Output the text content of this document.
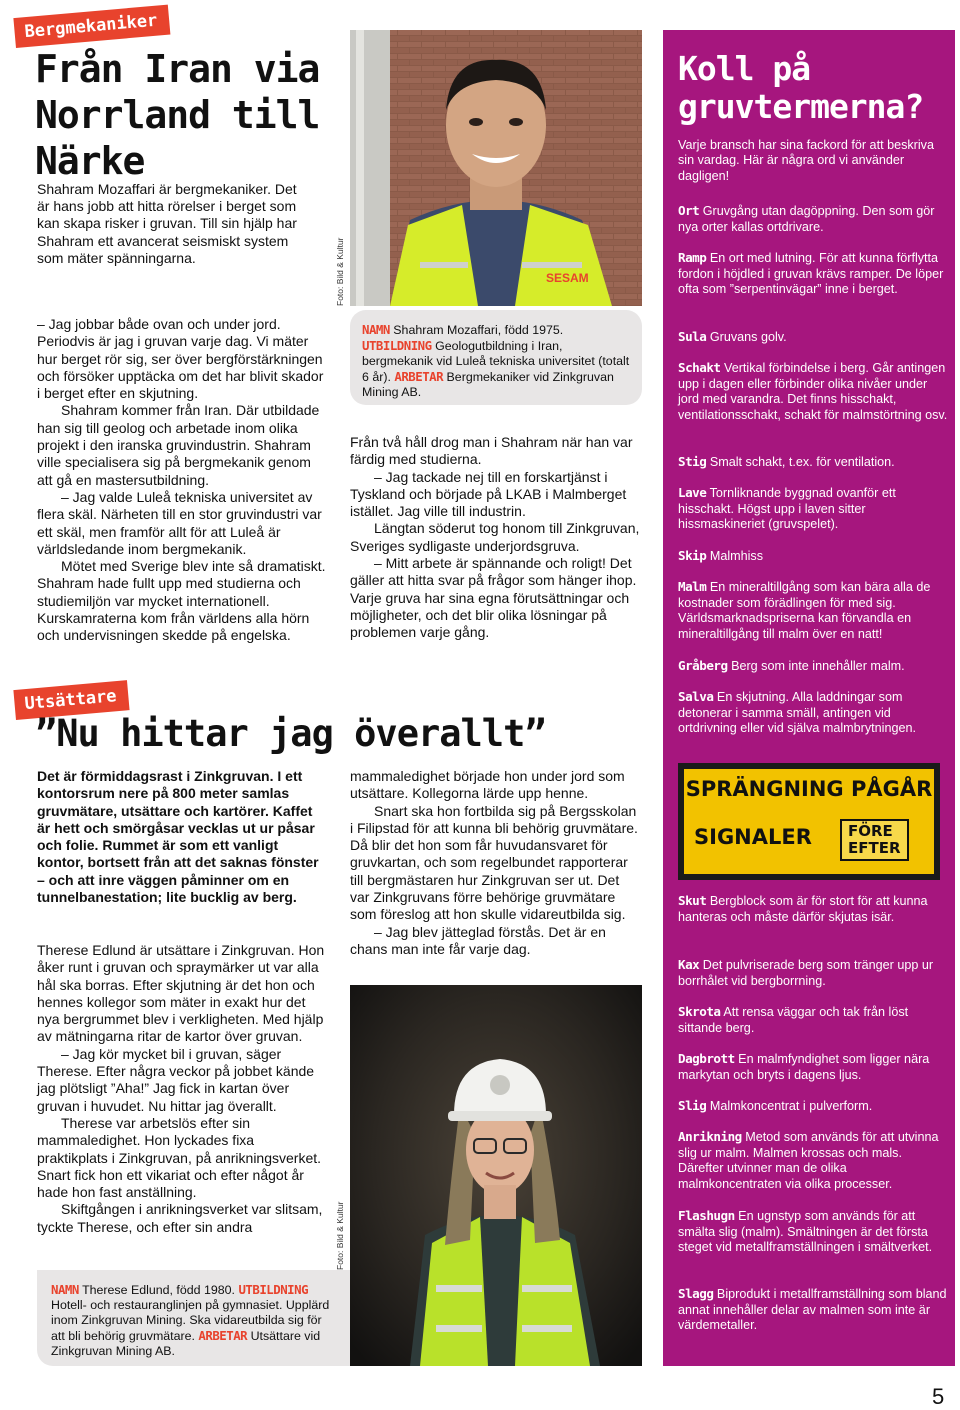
Bergmekaniker
Från Iran via
Norrland till
Närke
Shahram Mozaffari är bergmekaniker. Det är hans jobb att hitta rörelser i berget som kan skapa risker i gruvan. Till sin hjälp har Shahram ett avancerat seismiskt system som mäter spänningarna.

– Jag jobbar både ovan och under jord. Periodvis är jag i gruvan varje dag. Vi mäter hur berget rör sig, ser över bergförstärkningen och försöker upptäcka om det har blivit skador i berget efter en skjutning.

Shahram kommer från Iran. Där utbildade han sig till geolog och arbetade inom olika projekt i den iranska gruvindustrin. Shahram ville specialisera sig på bergmekanik genom att gå en mastersutbildning.

– Jag valde Luleå tekniska universitet av flera skäl. Närheten till en stor gruvindustri var ett skäl, men framför allt för att Luleå är världsledande inom bergmekanik.

Mötet med Sverige blev inte så dramatiskt. Shahram hade fullt upp med studierna och studiemiljön var mycket internationell. Kurskamraterna kom från världens alla hörn och undervisningen skedde på engelska.

Foto: Bild & Kultur	SESAM
NAMN Shahram Mozaffari, född 1975. UTBILDNING Geologutbildning i Iran, bergmekanik vid Luleå tekniska universitet (totalt 6 år). ARBETAR Bergmekaniker vid Zinkgruvan Mining AB.

Från två håll drog man i Shahram när han var färdig med studierna.

– Jag tackade nej till en forskartjänst i Tyskland och började på LKAB i Malmberget istället. Jag ville till industrin.

Längtan söderut tog honom till Zinkgruvan, Sveriges sydligaste underjordsgruva.

– Mitt arbete är spännande och roligt! Det gäller att hitta svar på frågor som hänger ihop. Varje gruva har sina egna förutsättningar och möjligheter, och det blir olika lösningar på problemen varje gång.

Utsättare
”Nu hittar jag överallt”
Det är förmiddagsrast i Zinkgruvan. I ett kontorsrum nere på 800 meter samlas gruvmätare, utsättare och kartörer. Kaffet är hett och smörgåsar vecklas ut ur påsar och folie. Rummet är som ett vanligt kontor, bortsett från att det saknas fönster – och att inre väggen påminner om en tunnelbanestation; lite bucklig av berg.

Therese Edlund är utsättare i Zinkgruvan. Hon åker runt i gruvan och spraymärker ut var alla hål ska borras. Efter skjutning är det hon och hennes kollegor som mäter in exakt hur det nya bergrummet blev i verkligheten. Med hjälp av mätningarna ritar de kartor över gruvan.

– Jag kör mycket bil i gruvan, säger Therese. Efter några veckor på jobbet kände jag plötsligt ”Aha!” Jag fick in kartan över gruvan i huvudet. Nu hittar jag överallt.

Therese var arbetslös efter sin mammaledighet. Hon lyckades fixa praktikplats i Zinkgruvan, på anrikningsverket. Snart fick hon ett vikariat och efter något år hade hon fast anställning.

Skiftgången i anrikningsverket var slitsam, tyckte Therese, och efter sin andra

mammaledighet började hon under jord som utsättare. Kollegorna lärde upp henne.

Snart ska hon fortbilda sig på Bergsskolan i Filipstad för att kunna bli behörig gruvmätare. Då blir det hon som får huvudansvaret för gruvkartan, och som regelbundet rapporterar till bergmästaren hur Zinkgruvan ser ut. Det var Zinkgruvans förre behörige gruvmätare som föreslog att hon skulle vidareutbilda sig.

– Jag blev jätteglad förstås. Det är en chans man inte får varje dag.

Foto: Bild & Kultur
NAMN Therese Edlund, född 1980. UTBILDNING Hotell- och restauranglinjen på gymnasiet. Upplärd inom Zinkgruvan Mining. Ska vidareutbilda sig för att bli behörig gruvmätare. ARBETAR Utsättare vid Zinkgruvan Mining AB.
Koll på
gruvtermerna?
Varje bransch har sina fackord för att beskriva sin vardag. Här är några ord vi använder dagligen!
Ort Gruvgång utan dagöppning. Den som gör nya orter kallas ortdrivare.
Ramp En ort med lutning. För att kunna förflytta fordon i höjdled i gruvan krävs ramper. De löper ofta som ”serpentinvägar” inne i berget.
Sula Gruvans golv.
Schakt Vertikal förbindelse i berg. Går antingen upp i dagen eller förbinder olika nivåer under jord med varandra. Det finns hisschakt, ventilationsschakt, schakt för malmstörtning osv.
Stig Smalt schakt, t.ex. för ventilation.
Lave Tornliknande byggnad ovanför ett hisschakt. Högst upp i laven sitter hissmaskineriet (gruvspelet).
Skip Malmhiss
Malm En mineraltillgång som kan bära alla de kostnader som förädlingen för med sig. Världsmarknadspriserna kan förvandla en mineraltillgång till malm över en natt!
Gråberg Berg som inte innehåller malm.
Salva En skjutning. Alla laddningar som detonerar i samma smäll, antingen vid ortdrivning eller vid själva malmbrytningen.
SPRÄNGNING PÅGÅR
SIGNALER FÖRE
EFTER
Skut Bergblock som är för stort för att kunna hanteras och måste därför skjutas isär.
Kax Det pulvriserade berg som tränger upp ur borrhålet vid bergborrning.
Skrota Att rensa väggar och tak från löst sittande berg.
Dagbrott En malmfyndighet som ligger nära markytan och bryts i dagens ljus.
Slig Malmkoncentrat i pulverform.
Anrikning Metod som används för att utvinna slig ur malm. Malmen krossas och mals. Därefter utvinner man de olika malmkoncentraten via olika processer.
Flashugn En ugnstyp som används för att smälta slig (malm). Smältningen är det första steget vid metallframställningen i smältverket.
Slagg Biprodukt i metallframställning som bland annat innehåller delar av malmen som inte är värdemetaller.
5
